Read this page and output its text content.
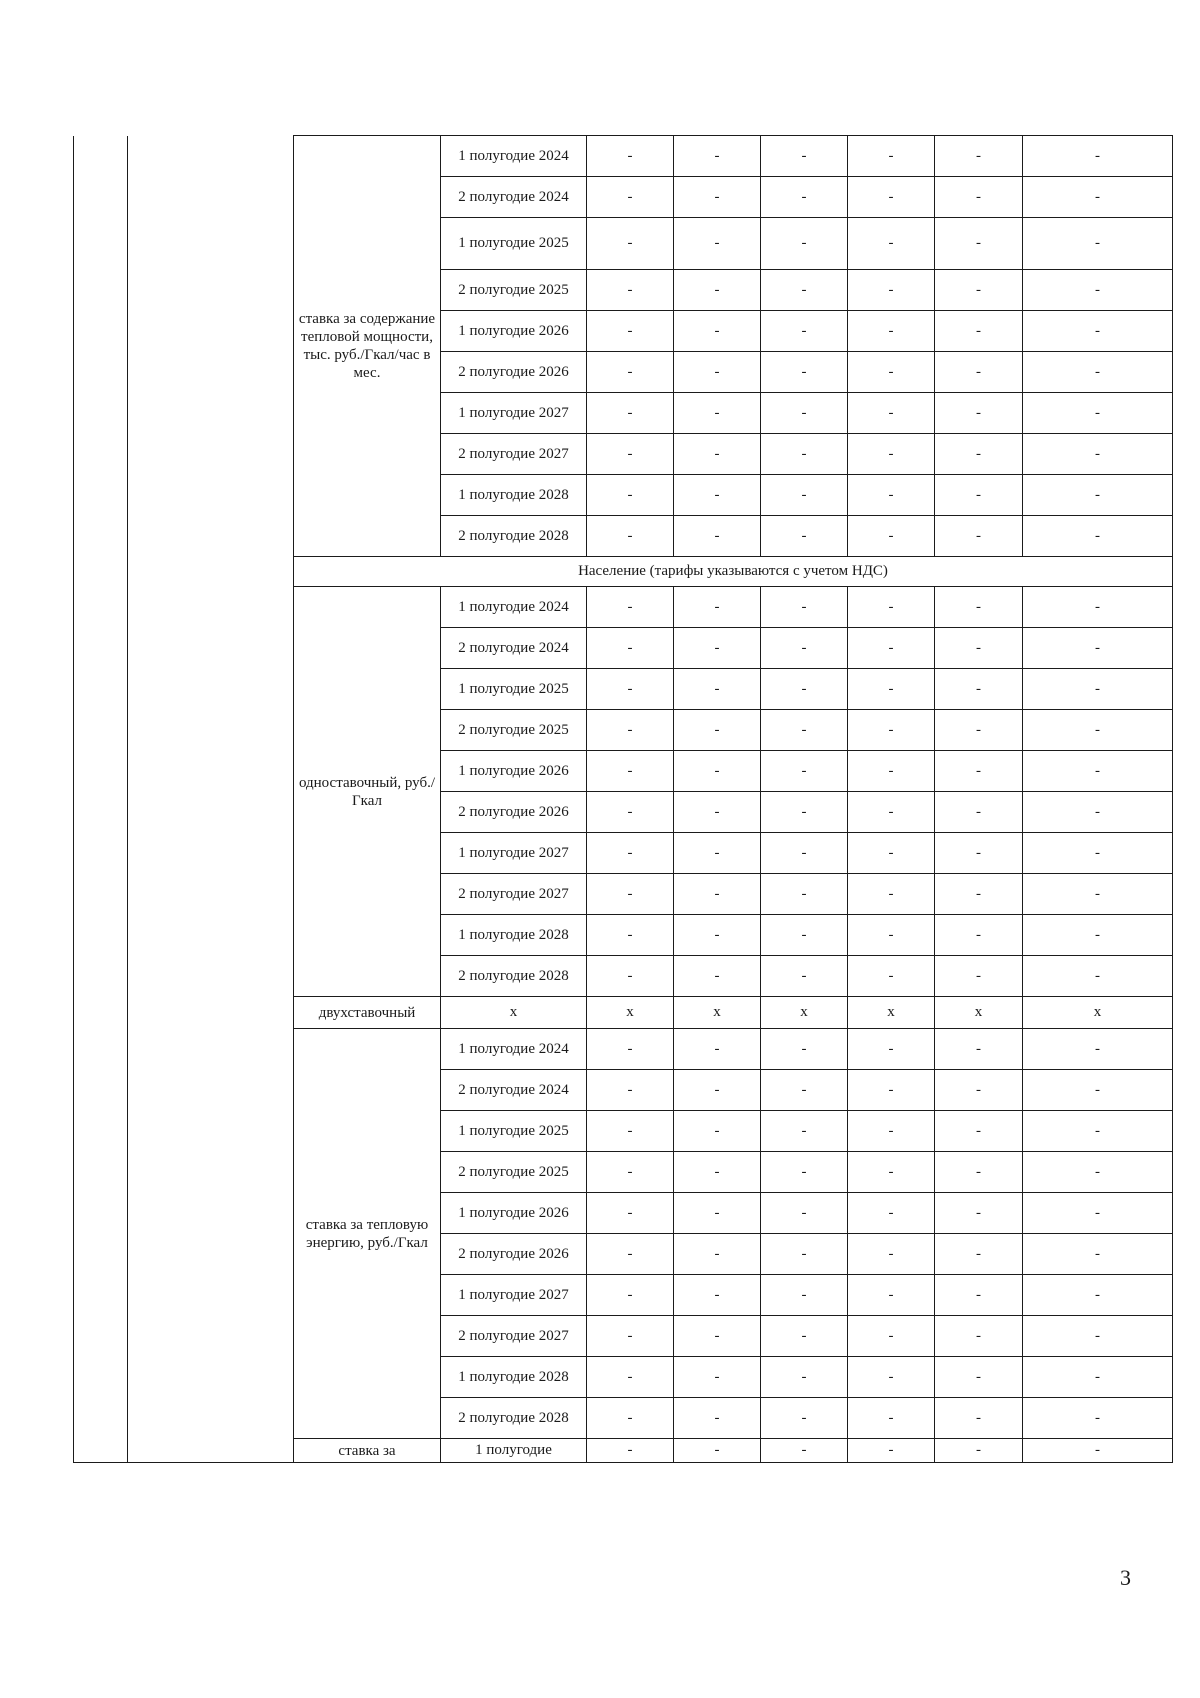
		ставка за содержание тепловой мощности, тыс. руб./Гкал/час в мес.	1 полугодие 2024	-	-	-	-	-	-
			2 полугодие 2024	-	-	-	-	-	-
			1 полугодие 2025	-	-	-	-	-	-
			2 полугодие 2025	-	-	-	-	-	-
			1 полугодие 2026	-	-	-	-	-	-
			2 полугодие 2026	-	-	-	-	-	-
			1 полугодие 2027	-	-	-	-	-	-
			2 полугодие 2027	-	-	-	-	-	-
			1 полугодие 2028	-	-	-	-	-	-
			2 полугодие 2028	-	-	-	-	-	-
		Население (тарифы указываются с учетом НДС)							
		одноставочный, руб./Гкал	1 полугодие 2024	-	-	-	-	-	-
			2 полугодие 2024	-	-	-	-	-	-
			1 полугодие 2025	-	-	-	-	-	-
			2 полугодие 2025	-	-	-	-	-	-
			1 полугодие 2026	-	-	-	-	-	-
			2 полугодие 2026	-	-	-	-	-	-
			1 полугодие 2027	-	-	-	-	-	-
			2 полугодие 2027	-	-	-	-	-	-
			1 полугодие 2028	-	-	-	-	-	-
			2 полугодие 2028	-	-	-	-	-	-
		двухставочный	x	x	x	x	x	x	x
		ставка за тепловую энергию, руб./Гкал	1 полугодие 2024	-	-	-	-	-	-
			2 полугодие 2024	-	-	-	-	-	-
			1 полугодие 2025	-	-	-	-	-	-
			2 полугодие 2025	-	-	-	-	-	-
			1 полугодие 2026	-	-	-	-	-	-
			2 полугодие 2026	-	-	-	-	-	-
			1 полугодие 2027	-	-	-	-	-	-
			2 полугодие 2027	-	-	-	-	-	-
			1 полугодие 2028	-	-	-	-	-	-
			2 полугодие 2028	-	-	-	-	-	-
		ставка за	1 полугодие	-	-	-	-	-	-
3
